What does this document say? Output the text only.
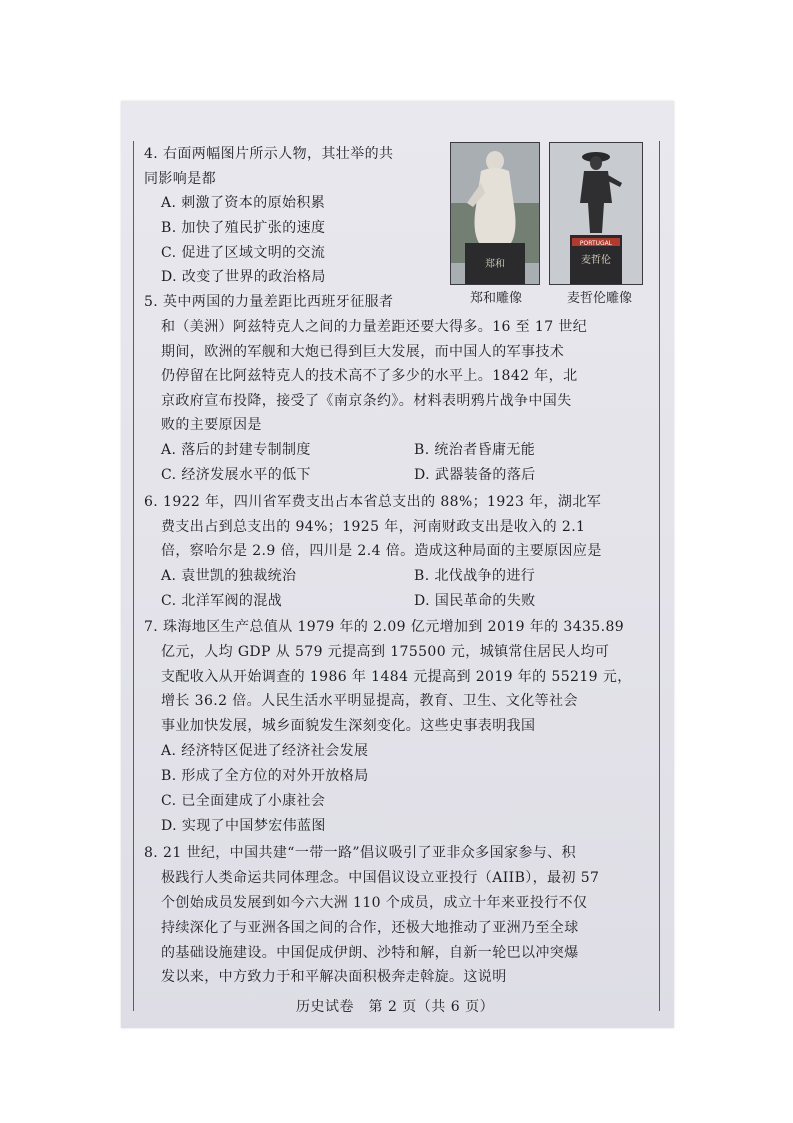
4. 右面两幅图片所示人物，其壮举的共
同影响是都
A. 刺激了资本的原始积累
B. 加快了殖民扩张的速度
C. 促进了区域文明的交流
D. 改变了世界的政治格局
郑和
郑和雕像
PORTUGAL
麦哲伦
麦哲伦雕像
5. 英中两国的力量差距比西班牙征服者
和（美洲）阿兹特克人之间的力量差距还要大得多。16 至 17 世纪
期间，欧洲的军舰和大炮已得到巨大发展，而中国人的军事技术
仍停留在比阿兹特克人的技术高不了多少的水平上。1842 年，北
京政府宣布投降，接受了《南京条约》。材料表明鸦片战争中国失
败的主要原因是
A. 落后的封建专制制度	B. 统治者昏庸无能
C. 经济发展水平的低下	D. 武器装备的落后
6. 1922 年，四川省军费支出占本省总支出的 88%；1923 年，湖北军
费支出占到总支出的 94%；1925 年，河南财政支出是收入的 2.1
倍，察哈尔是 2.9 倍，四川是 2.4 倍。造成这种局面的主要原因应是
A. 袁世凯的独裁统治	B. 北伐战争的进行
C. 北洋军阀的混战	D. 国民革命的失败
7. 珠海地区生产总值从 1979 年的 2.09 亿元增加到 2019 年的 3435.89
亿元，人均 GDP 从 579 元提高到 175500 元，城镇常住居民人均可
支配收入从开始调查的 1986 年 1484 元提高到 2019 年的 55219 元，
增长 36.2 倍。人民生活水平明显提高，教育、卫生、文化等社会
事业加快发展，城乡面貌发生深刻变化。这些史事表明我国
A. 经济特区促进了经济社会发展
B. 形成了全方位的对外开放格局
C. 已全面建成了小康社会
D. 实现了中国梦宏伟蓝图
8. 21 世纪，中国共建“一带一路”倡议吸引了亚非众多国家参与、积
极践行人类命运共同体理念。中国倡议设立亚投行（AIIB），最初 57
个创始成员发展到如今六大洲 110 个成员，成立十年来亚投行不仅
持续深化了与亚洲各国之间的合作，还极大地推动了亚洲乃至全球
的基础设施建设。中国促成伊朗、沙特和解，自新一轮巴以冲突爆
发以来，中方致力于和平解决面积极奔走斡旋。这说明
历史试卷　第 2 页（共 6 页）
